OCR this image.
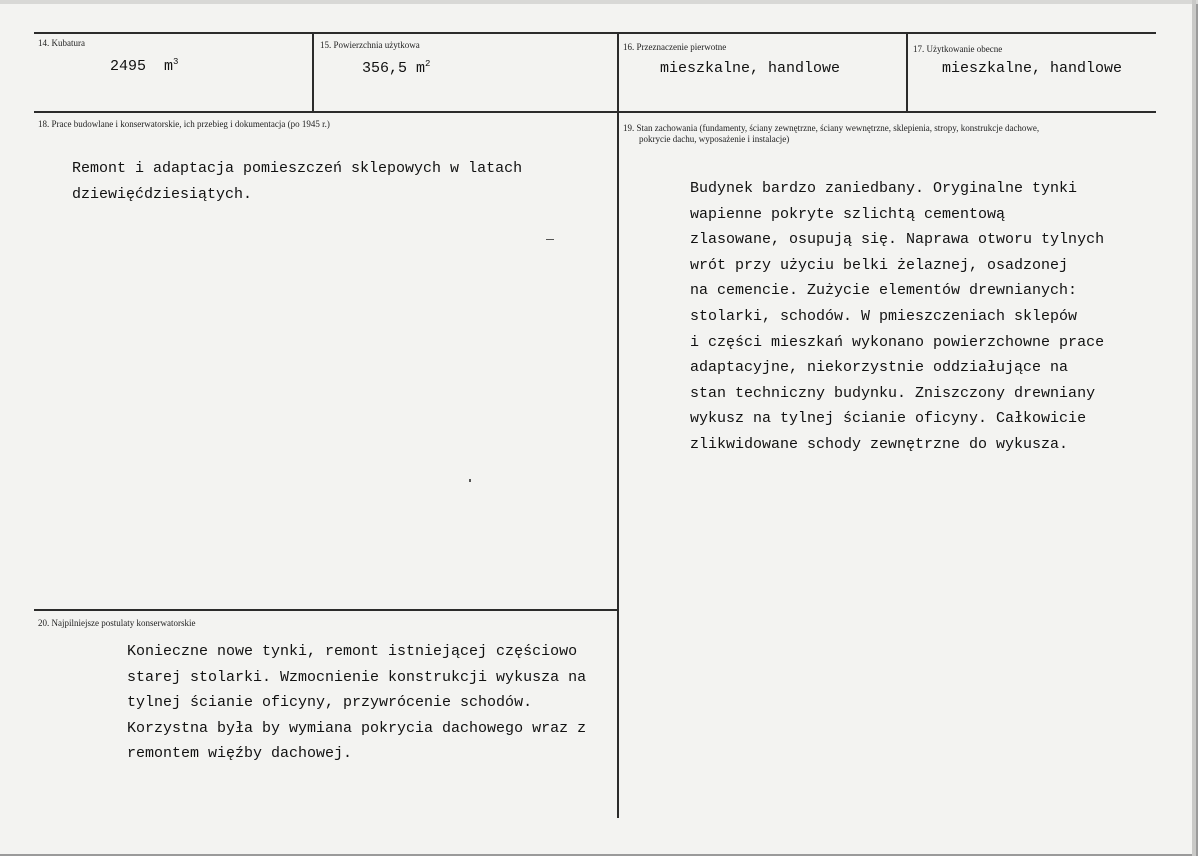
14. Kubatura
2495 $m^3$
15. Powierzchnia użytkowa
356,5 $m^2$
16. Przeznaczenie pierwotne
mieszkalne, handlowe
17. Użytkowanie obecne
mieszkalne, handlowe
18. Prace budowlane i konserwatorskie, ich przebieg i dokumentacja (po 1945 r.)
Remont i adaptacja pomieszczeń sklepowych w latach
dziewięćdziesiątych.
19. Stan zachowania (fundamenty, ściany zewnętrzne, ściany wewnętrzne, sklepienia, stropy, konstrukcje dachowe,
pokrycie dachu, wyposażenie i instalacje)
Budynek bardzo zaniedbany. Oryginalne tynki
wapienne pokryte szlichtą cementową
zlasowane, osupują się. Naprawa otworu tylnych
wrót przy użyciu belki żelaznej, osadzonej
na cemencie. Zużycie elementów drewnianych:
stolarki, schodów. W pmieszczeniach sklepów
i części mieszkań wykonano powierzchowne prace
adaptacyjne, niekorzystnie oddziałujące na
stan techniczny budynku. Zniszczony drewniany
wykusz na tylnej ścianie oficyny. Całkowicie
zlikwidowane schody zewnętrzne do wykusza.
20. Najpilniejsze postulaty konserwatorskie
Konieczne nowe tynki, remont istniejącej częściowo
starej stolarki. Wzmocnienie konstrukcji wykusza na
tylnej ścianie oficyny, przywrócenie schodów.
Korzystna była by wymiana pokrycia dachowego wraz z
remontem więźby dachowej.
